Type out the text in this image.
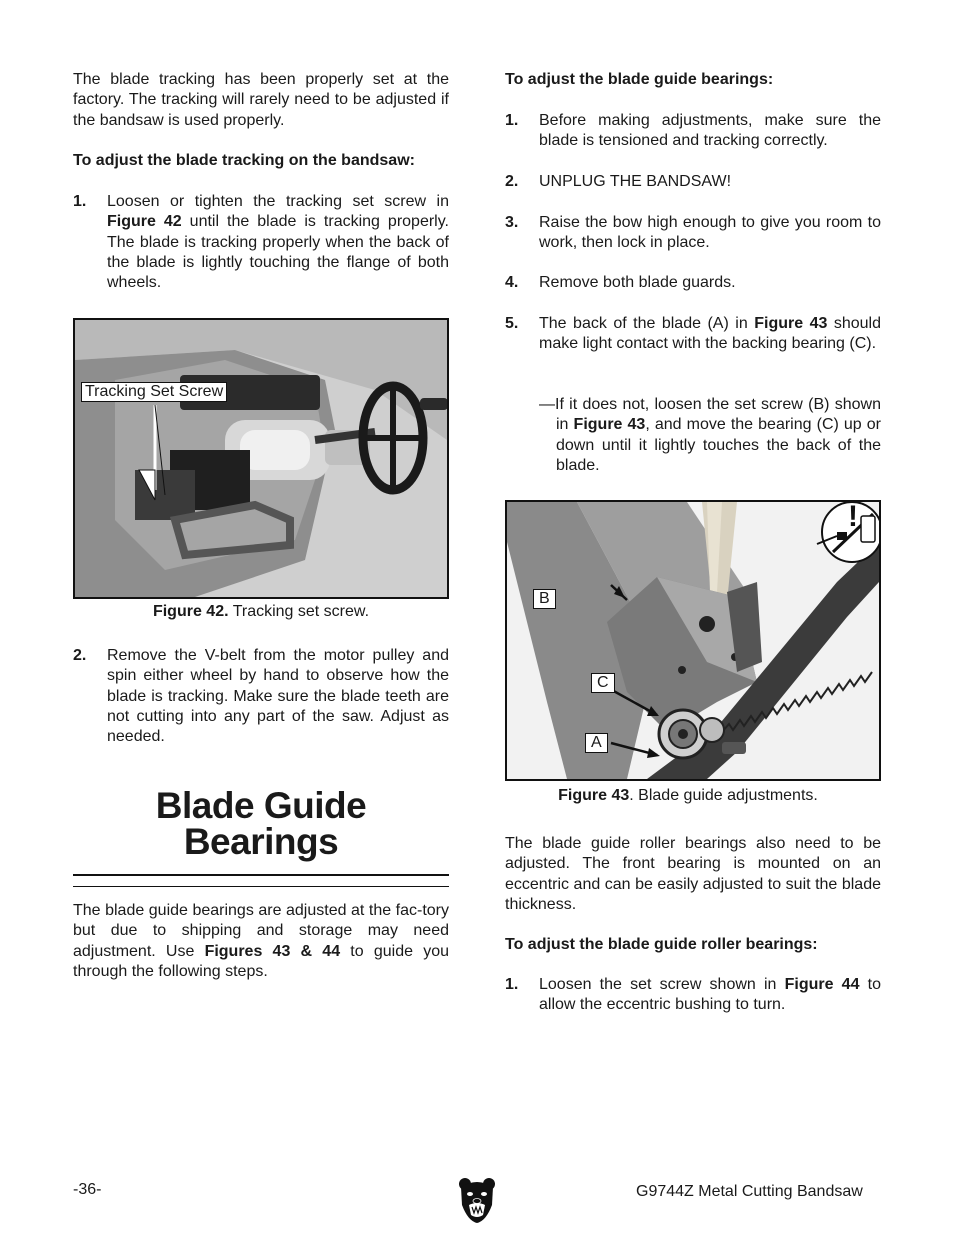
The blade tracking has been properly set at the factory. The tracking will rarely need to be adjusted if the bandsaw is used properly.

To adjust the blade tracking on the bandsaw:

1. Loosen or tighten the tracking set screw in Figure 42 until the blade is tracking properly. The blade is tracking properly when the back of the blade is lightly touching the flange of both wheels.
Tracking Set Screw
Figure 42. Tracking set screw.
2. Remove the V-belt from the motor pulley and spin either wheel by hand to observe how the blade is tracking. Make sure the blade teeth are not cutting into any part of the saw. Adjust as needed.
Blade Guide
Bearings

The blade guide bearings are adjusted at the fac-tory but due to shipping and storage may need adjustment. Use Figures 43 & 44 to guide you through the following steps.

To adjust the blade guide bearings:

1. Before making adjustments, make sure the blade is tensioned and tracking correctly.
2. UNPLUG THE BANDSAW!
3. Raise the bow high enough to give you room to work, then lock in place.
4. Remove both blade guards.
5. The back of the blade (A) in Figure 43 should make light contact with the backing bearing (C).
—If it does not, loosen the set screw (B) shown in Figure 43, and move the bearing (C) up or down until it lightly touches the back of the blade.
!
B
C
A
Figure 43. Blade guide adjustments.

The blade guide roller bearings also need to be adjusted. The front bearing is mounted on an eccentric and can be easily adjusted to suit the blade thickness.

To adjust the blade guide roller bearings:

1. Loosen the set screw shown in Figure 44 to allow the eccentric bushing to turn.
-36-	G9744Z Metal Cutting Bandsaw
